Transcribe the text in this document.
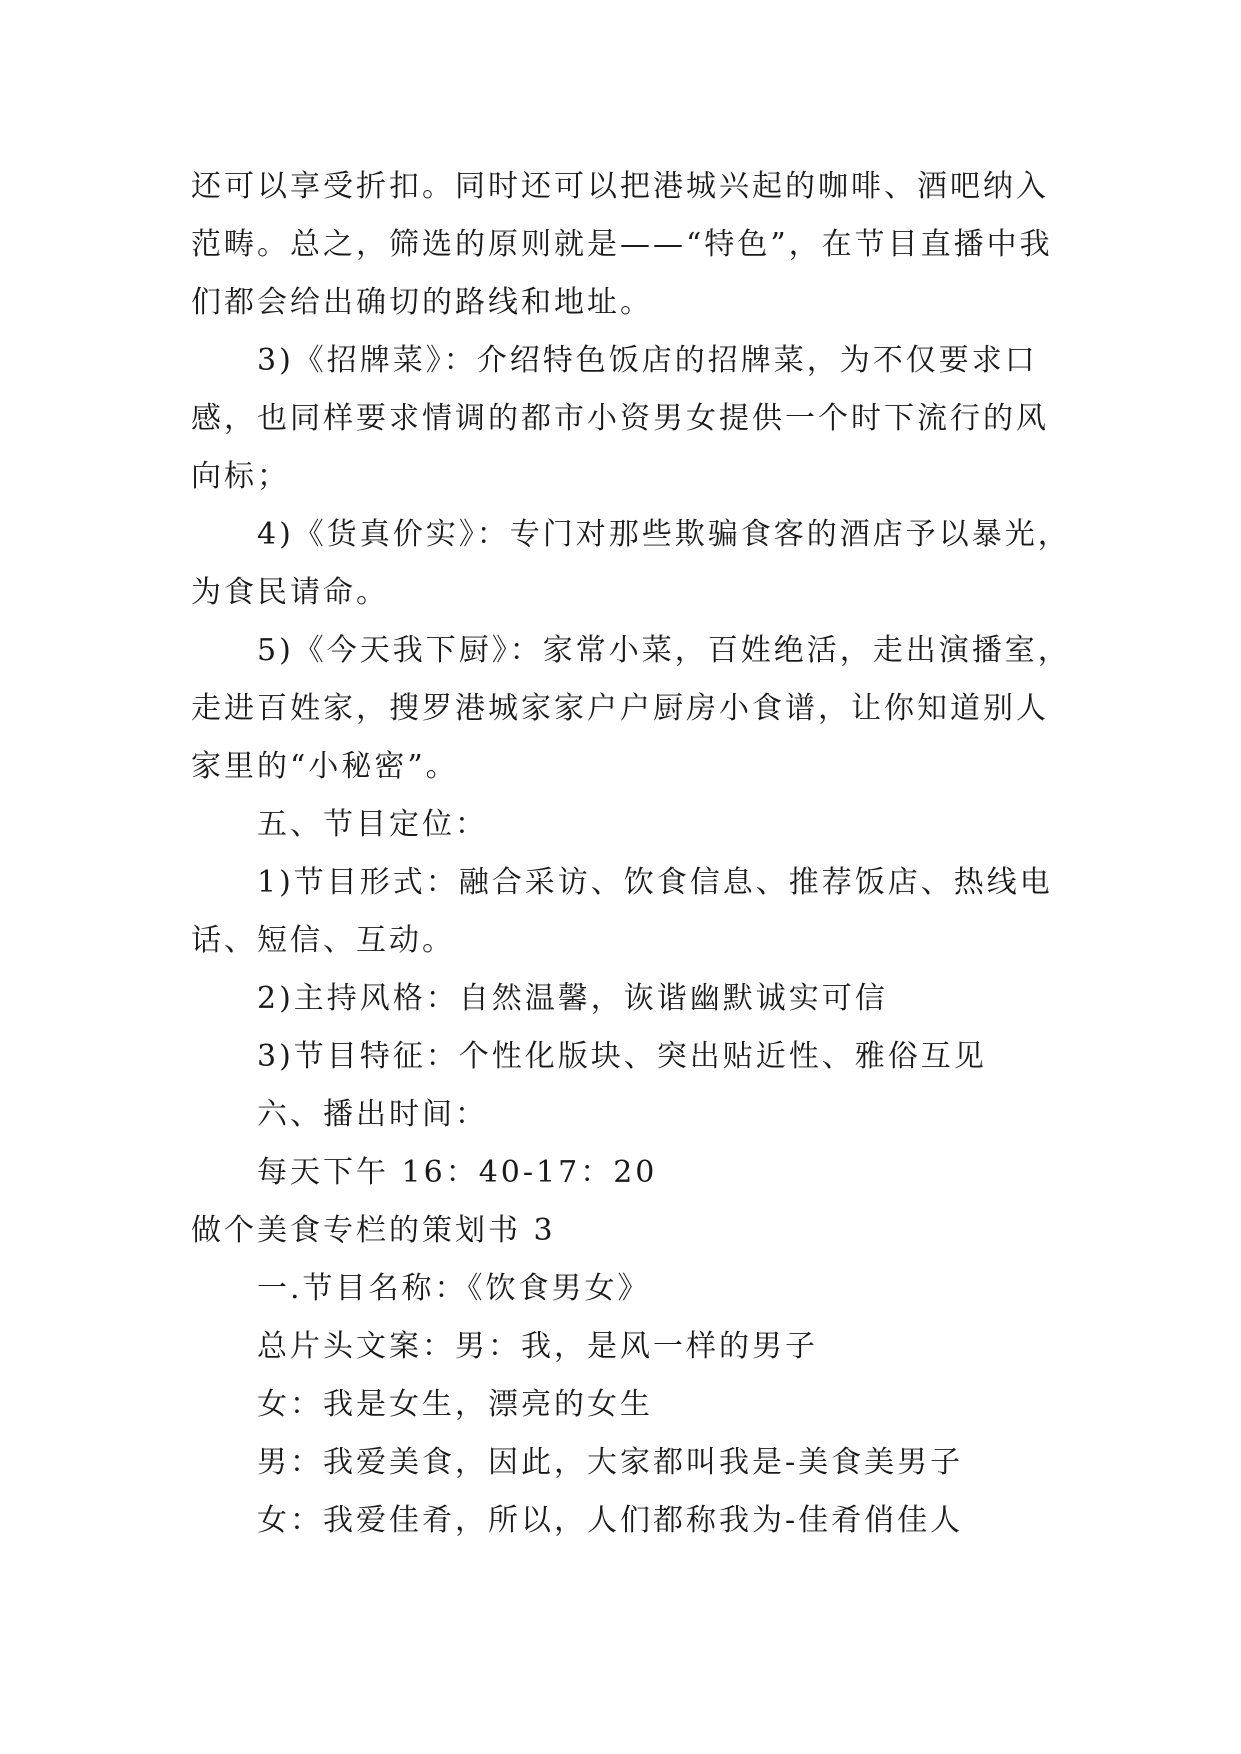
还可以享受折扣。同时还可以把港城兴起的咖啡、酒吧纳入范畴。总之，筛选的原则就是——“特色”，在节目直播中我们都会给出确切的路线和地址。

3)《招牌菜》：介绍特色饭店的招牌菜，为不仅要求口感，也同样要求情调的都市小资男女提供一个时下流行的风向标；

4)《货真价实》：专门对那些欺骗食客的酒店予以暴光，为食民请命。

5)《今天我下厨》：家常小菜，百姓绝活，走出演播室，走进百姓家，搜罗港城家家户户厨房小食谱，让你知道别人家里的“小秘密”。

五、节目定位：

1)节目形式：融合采访、饮食信息、推荐饭店、热线电话、短信、互动。

2)主持风格：自然温馨，诙谐幽默诚实可信

3)节目特征：个性化版块、突出贴近性、雅俗互见

六、播出时间：

每天下午 16：40-17：20

做个美食专栏的策划书 3

一.节目名称：《饮食男女》

总片头文案：男：我，是风一样的男子

女：我是女生，漂亮的女生

男：我爱美食，因此，大家都叫我是-美食美男子

女：我爱佳肴，所以，人们都称我为-佳肴俏佳人
